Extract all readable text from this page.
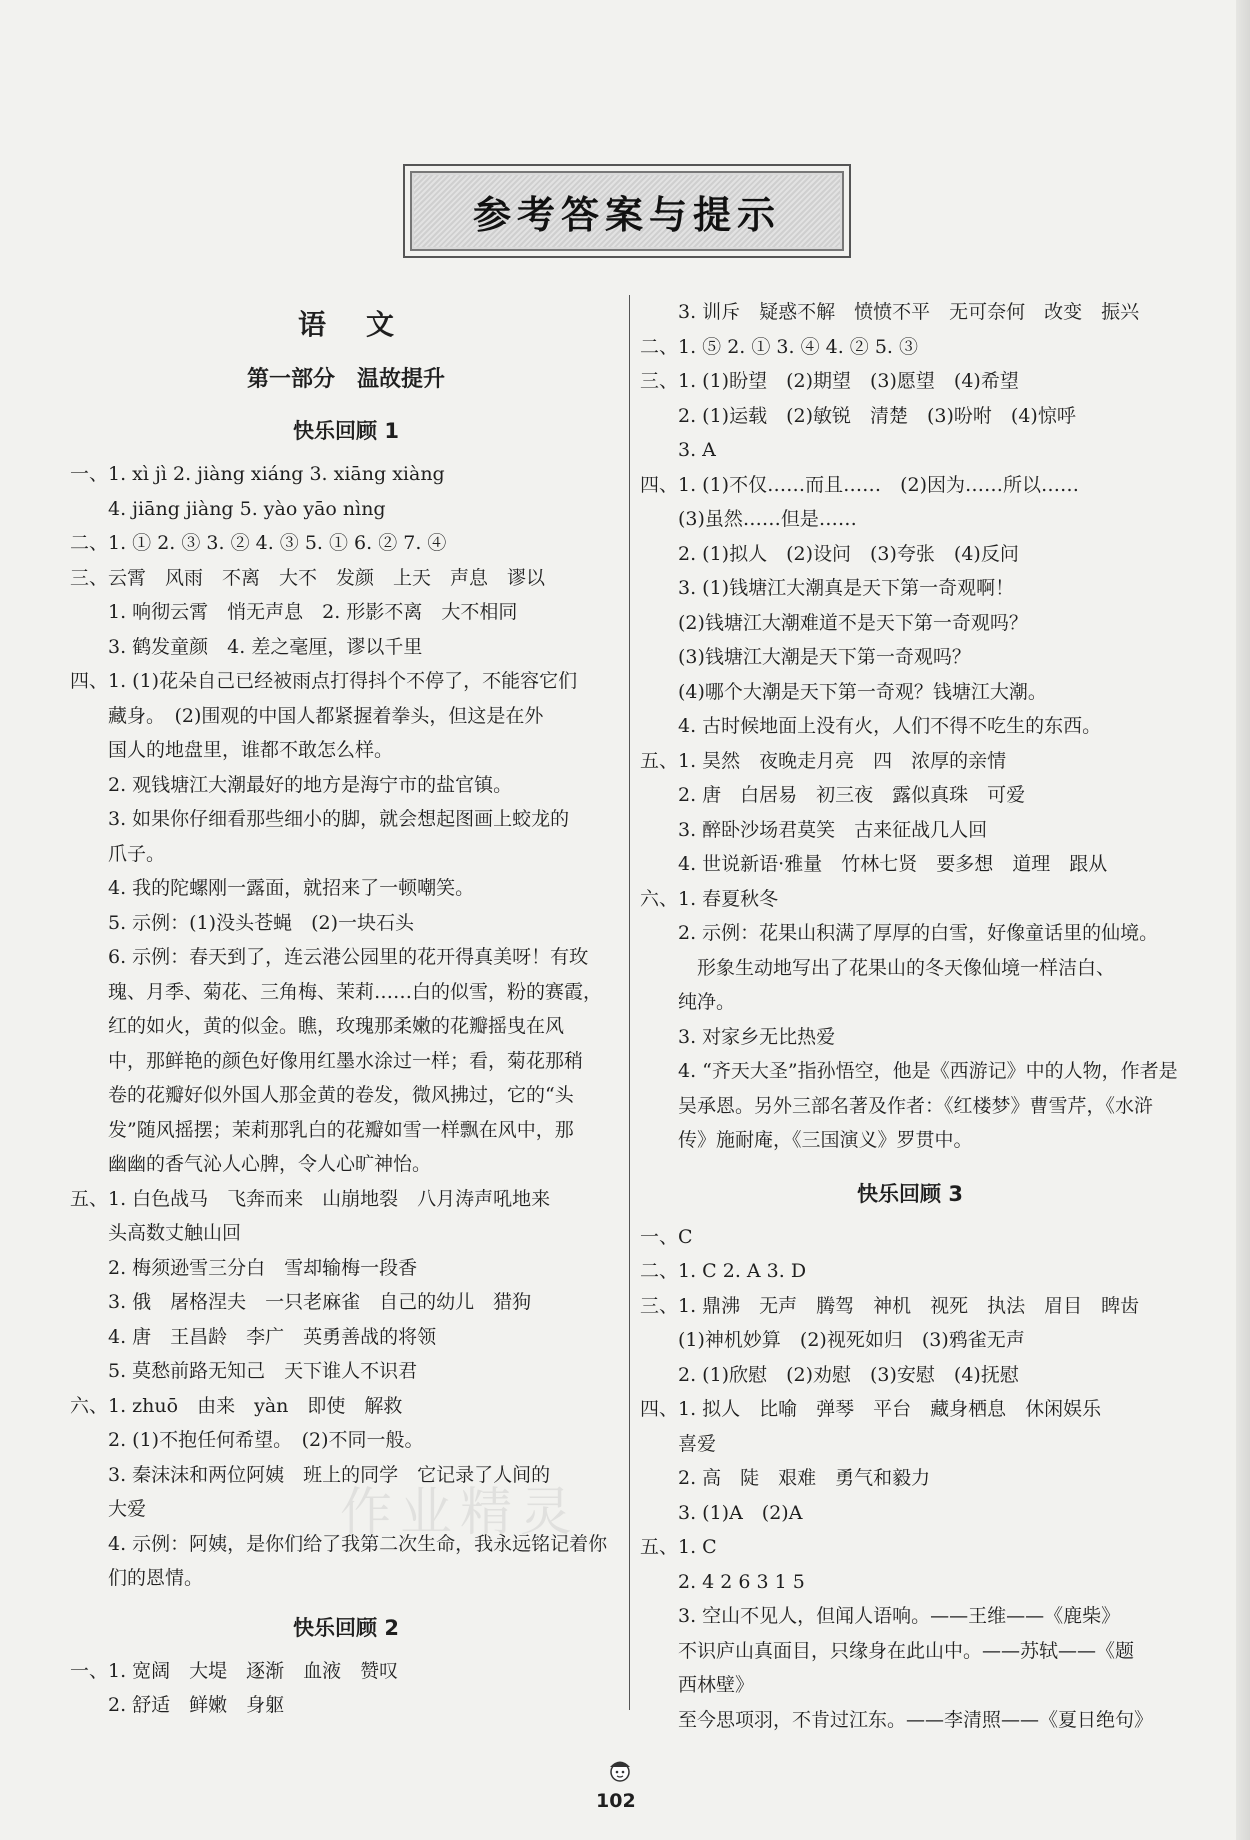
参考答案与提示
语文
第一部分　温故提升
快乐回顾 1
一、1. xì jì 2. jiàng xiáng 3. xiāng xiàng
　　4. jiāng jiàng 5. yào yāo nìng
二、1. ① 2. ③ 3. ② 4. ③ 5. ① 6. ② 7. ④
三、云霄　风雨　不离　大不　发颜　上天　声息　谬以
　　1. 响彻云霄　悄无声息　2. 形影不离　大不相同
　　3. 鹤发童颜　4. 差之毫厘，谬以千里
四、1. (1)花朵自己已经被雨点打得抖个不停了，不能容它们
　　藏身。　(2)围观的中国人都紧握着拳头，但这是在外
　　国人的地盘里，谁都不敢怎么样。
　　2. 观钱塘江大潮最好的地方是海宁市的盐官镇。
　　3. 如果你仔细看那些细小的脚，就会想起图画上蛟龙的
　　爪子。
　　4. 我的陀螺刚一露面，就招来了一顿嘲笑。
　　5. 示例：(1)没头苍蝇　(2)一块石头
　　6. 示例：春天到了，连云港公园里的花开得真美呀！有玫
　　瑰、月季、菊花、三角梅、茉莉……白的似雪，粉的赛霞，
　　红的如火，黄的似金。瞧，玫瑰那柔嫩的花瓣摇曳在风
　　中，那鲜艳的颜色好像用红墨水涂过一样；看，菊花那稍
　　卷的花瓣好似外国人那金黄的卷发，微风拂过，它的“头
　　发”随风摇摆；茉莉那乳白的花瓣如雪一样飘在风中，那
　　幽幽的香气沁人心脾，令人心旷神怡。
五、1. 白色战马　飞奔而来　山崩地裂　八月涛声吼地来
　　头高数丈触山回
　　2. 梅须逊雪三分白　雪却输梅一段香
　　3. 俄　屠格涅夫　一只老麻雀　自己的幼儿　猎狗
　　4. 唐　王昌龄　李广　英勇善战的将领
　　5. 莫愁前路无知己　天下谁人不识君
六、1. zhuō　由来　yàn　即使　解救
　　2. (1)不抱任何希望。　(2)不同一般。
　　3. 秦沫沫和两位阿姨　班上的同学　它记录了人间的
　　大爱
　　4. 示例：阿姨，是你们给了我第二次生命，我永远铭记着你
　　们的恩情。
快乐回顾 2
一、1. 宽阔　大堤　逐渐　血液　赞叹
　　2. 舒适　鲜嫩　身躯
　　3. 训斥　疑惑不解　愤愤不平　无可奈何　改变　振兴
二、1. ⑤ 2. ① 3. ④ 4. ② 5. ③
三、1. (1)盼望　(2)期望　(3)愿望　(4)希望
　　2. (1)运载　(2)敏锐　清楚　(3)吩咐　(4)惊呼
　　3. A
四、1. (1)不仅……而且……　(2)因为……所以……
　　(3)虽然……但是……
　　2. (1)拟人　(2)设问　(3)夸张　(4)反问
　　3. (1)钱塘江大潮真是天下第一奇观啊！
　　(2)钱塘江大潮难道不是天下第一奇观吗？
　　(3)钱塘江大潮是天下第一奇观吗？
　　(4)哪个大潮是天下第一奇观？钱塘江大潮。
　　4. 古时候地面上没有火，人们不得不吃生的东西。
五、1. 昊然　夜晚走月亮　四　浓厚的亲情
　　2. 唐　白居易　初三夜　露似真珠　可爱
　　3. 醉卧沙场君莫笑　古来征战几人回
　　4. 世说新语·雅量　竹林七贤　要多想　道理　跟从
六、1. 春夏秋冬
　　2. 示例：花果山积满了厚厚的白雪，好像童话里的仙境。
　　　形象生动地写出了花果山的冬天像仙境一样洁白、
　　纯净。
　　3. 对家乡无比热爱
　　4. “齐天大圣”指孙悟空，他是《西游记》中的人物，作者是
　　吴承恩。另外三部名著及作者：《红楼梦》曹雪芹，《水浒
　　传》施耐庵，《三国演义》罗贯中。
快乐回顾 3
一、C
二、1. C 2. A 3. D
三、1. 鼎沸　无声　腾驾　神机　视死　执法　眉目　睥齿
　　(1)神机妙算　(2)视死如归　(3)鸦雀无声
　　2. (1)欣慰　(2)劝慰　(3)安慰　(4)抚慰
四、1. 拟人　比喻　弹琴　平台　藏身栖息　休闲娱乐
　　喜爱
　　2. 高　陡　艰难　勇气和毅力
　　3. (1)A　(2)A
五、1. C
　　2. 4 2 6 3 1 5
　　3. 空山不见人，但闻人语响。——王维——《鹿柴》
　　不识庐山真面目，只缘身在此山中。——苏轼——《题
　　西林壁》
　　至今思项羽，不肯过江东。——李清照——《夏日绝句》
作业精灵
102
